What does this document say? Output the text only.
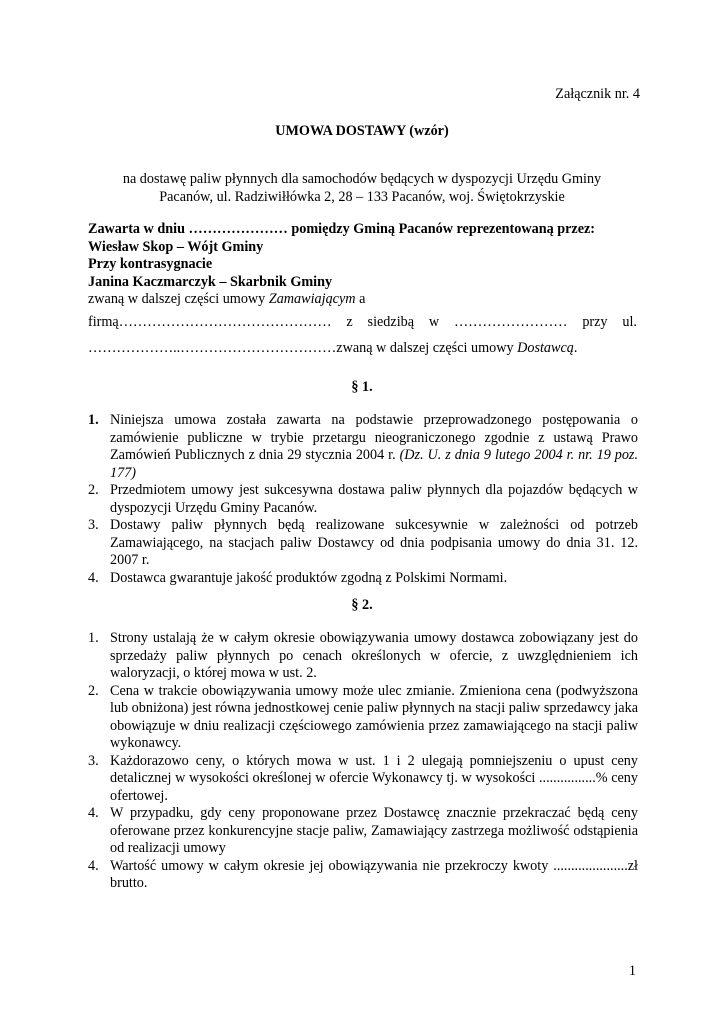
Załącznik nr. 4
UMOWA DOSTAWY (wzór)
na dostawę paliw płynnych dla samochodów będących w dyspozycji Urzędu Gminy Pacanów, ul. Radziwiłłówka 2, 28 – 133 Pacanów, woj. Świętokrzyskie
Zawarta w dniu ………………… pomiędzy Gminą Pacanów reprezentowaną przez:
Wiesław Skop – Wójt Gminy
Przy kontrasygnacie
Janina Kaczmarczyk – Skarbnik Gminy
zwaną w dalszej części umowy Zamawiającym a
firmą……………………………………… z siedzibą w …………………… przy ul.
………………..……………………………zwaną w dalszej części umowy Dostawcą.
§ 1.
1. Niniejsza umowa została zawarta na podstawie przeprowadzonego postępowania o zamówienie publiczne w trybie przetargu nieograniczonego zgodnie z ustawą Prawo Zamówień Publicznych z dnia 29 stycznia 2004 r. (Dz. U. z dnia 9 lutego 2004 r. nr. 19 poz. 177)
2. Przedmiotem umowy jest sukcesywna dostawa paliw płynnych dla pojazdów będących w dyspozycji Urzędu Gminy Pacanów.
3. Dostawy paliw płynnych będą realizowane sukcesywnie w zależności od potrzeb Zamawiającego, na stacjach paliw Dostawcy od dnia podpisania umowy do dnia 31. 12. 2007 r.
4. Dostawca gwarantuje jakość produktów zgodną z Polskimi Normami.
§ 2.
1. Strony ustalają że w całym okresie obowiązywania umowy dostawca zobowiązany jest do sprzedaży paliw płynnych po cenach określonych w ofercie, z uwzględnieniem ich waloryzacji, o której mowa w ust. 2.
2. Cena w trakcie obowiązywania umowy może ulec zmianie. Zmieniona cena (podwyższona lub obniżona) jest równa jednostkowej cenie paliw płynnych na stacji paliw sprzedawcy jaka obowiązuje w dniu realizacji częściowego zamówienia przez zamawiającego na stacji paliw wykonawcy.
3. Każdorazowo ceny, o których mowa w ust. 1 i 2 ulegają pomniejszeniu o upust ceny detalicznej w wysokości określonej w ofercie Wykonawcy tj. w wysokości ................% ceny ofertowej.
4. W przypadku, gdy ceny proponowane przez Dostawcę znacznie przekraczać będą ceny oferowane przez konkurencyjne stacje paliw, Zamawiający zastrzega możliwość odstąpienia od realizacji umowy
4. Wartość umowy w całym okresie jej obowiązywania nie przekroczy kwoty .....................zł brutto.
1
